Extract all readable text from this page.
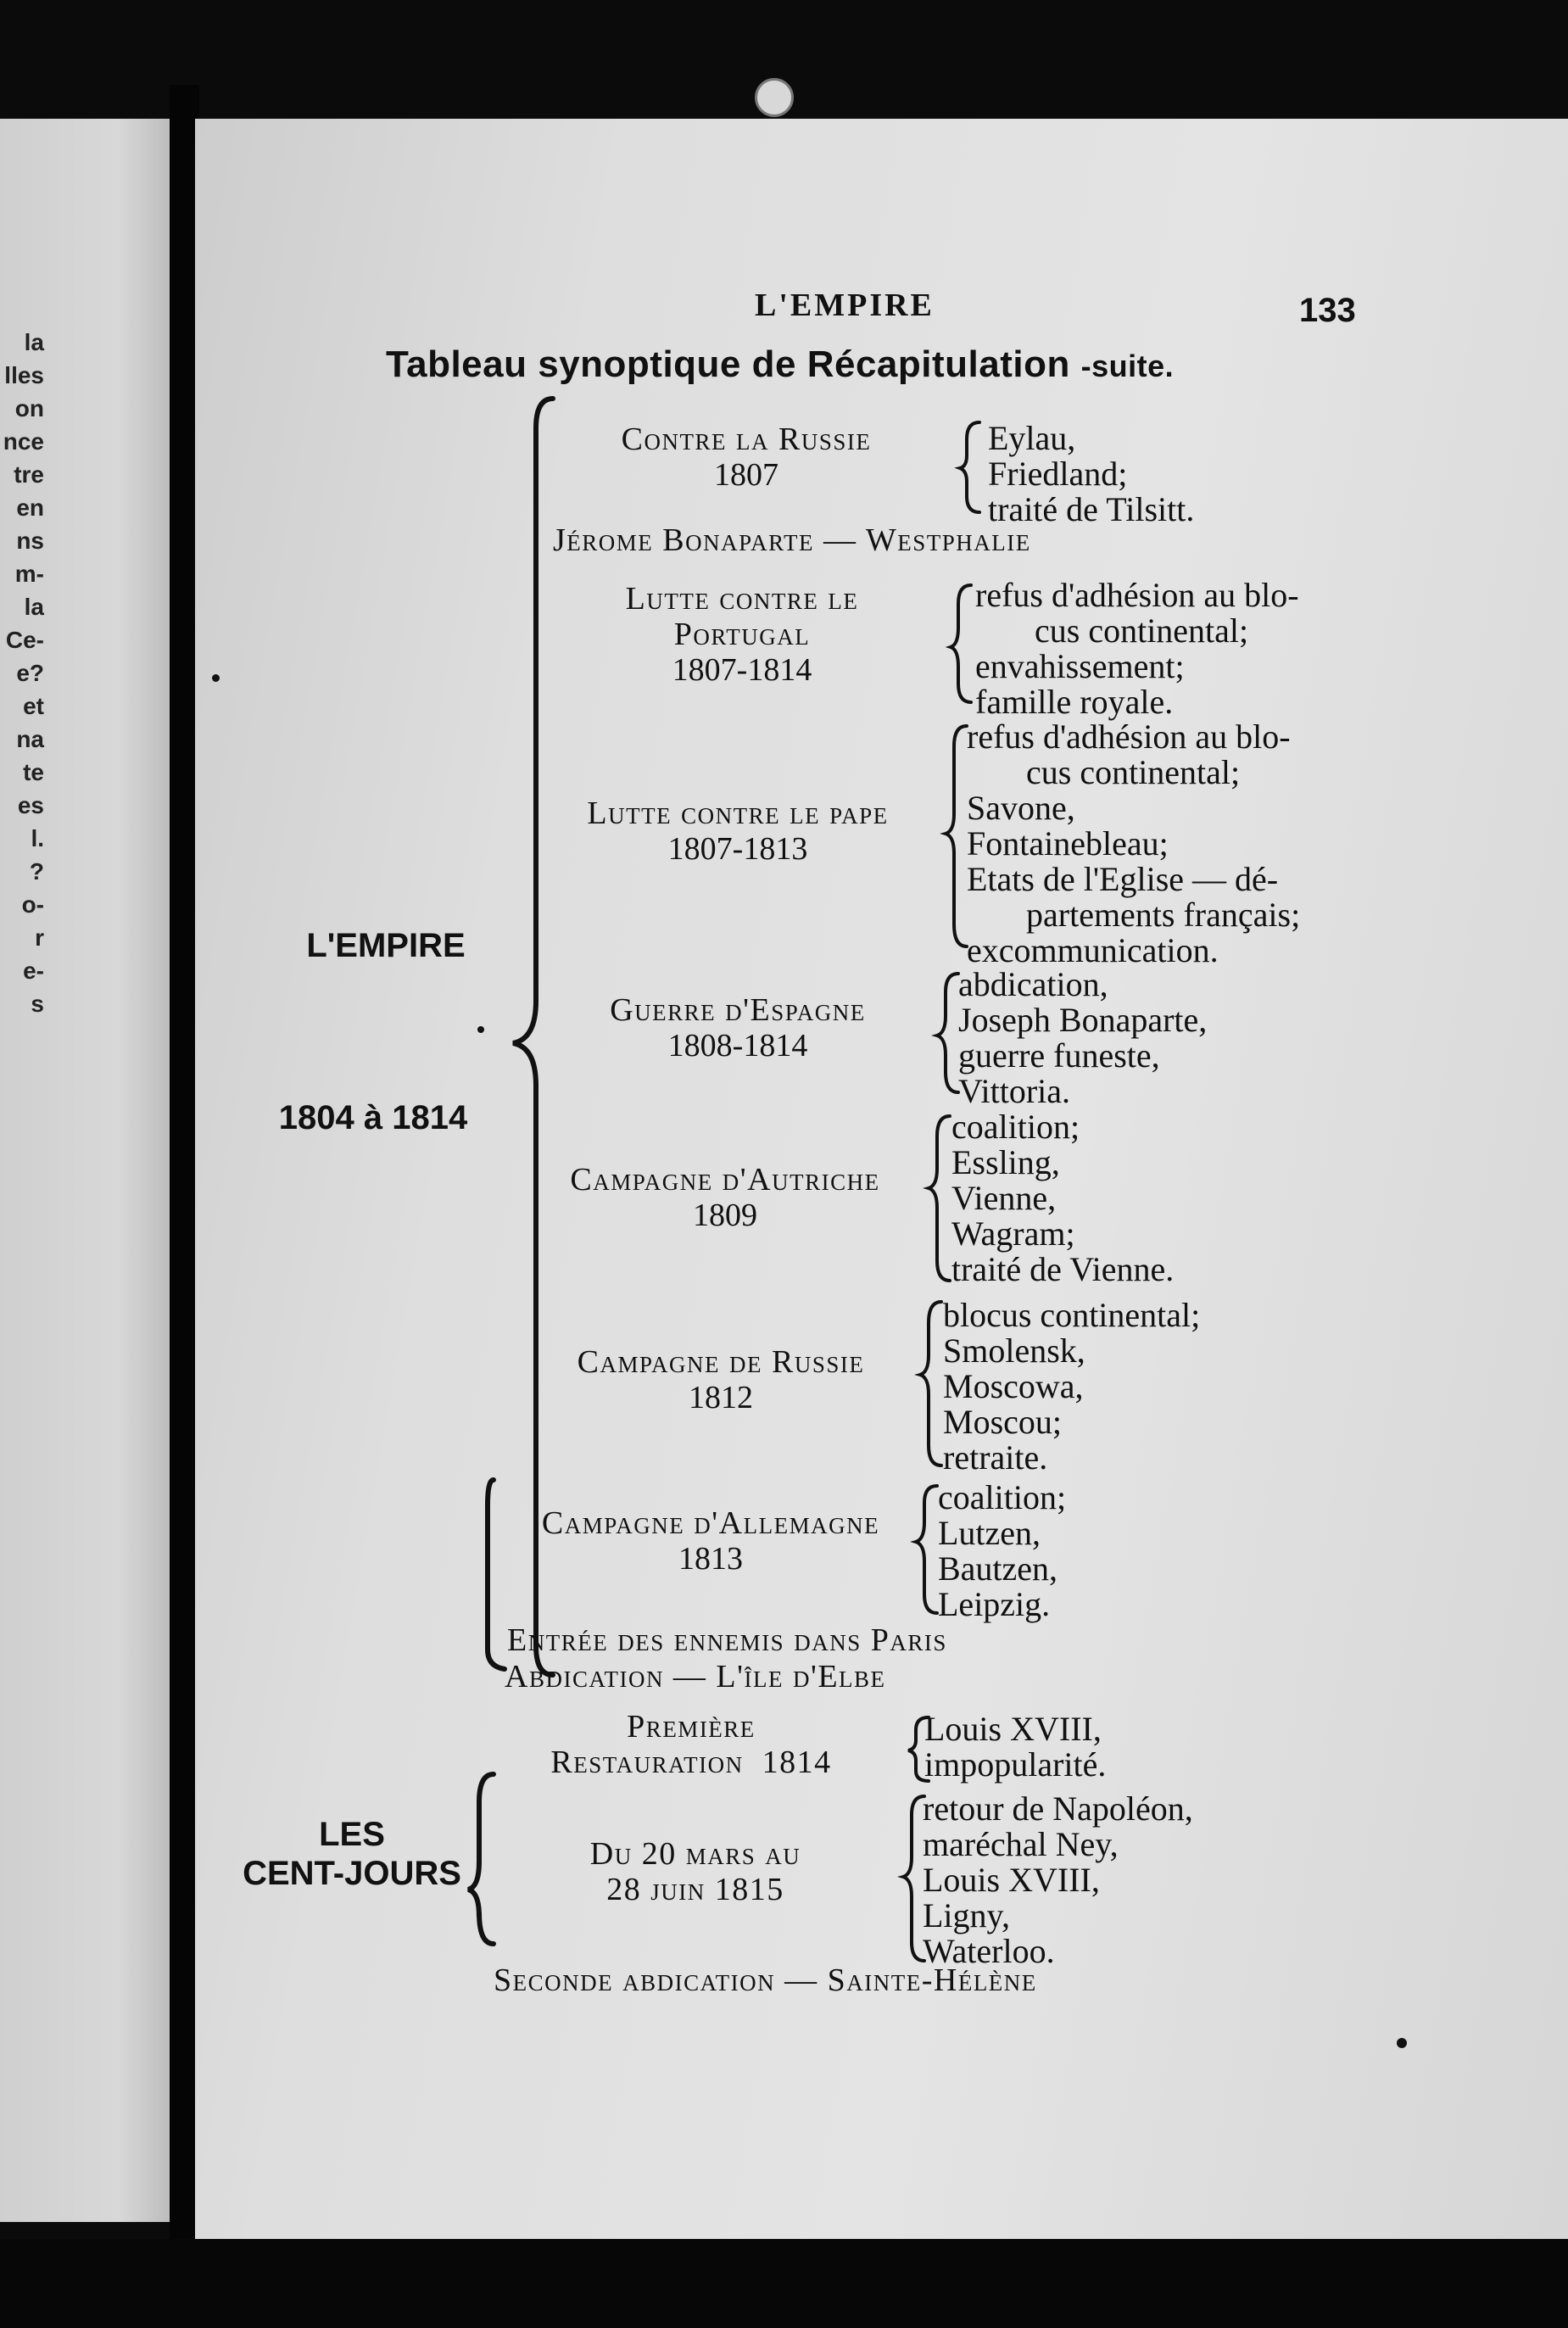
la
lles
on
nce
tre
en
ns
m-
la
Ce-
e?
et
na
te
es
l.
?
o-
r
e-
s
L'EMPIRE	133
Tableau synoptique de Récapitulation -suite.
L'EMPIRE
1804 à 1814
LES
CENT-JOURS
Contre la Russie
1807
Eylau,
Friedland;
traité de Tilsitt.
Jérome Bonaparte — Westphalie
Lutte contre le
Portugal
1807-1814
refus d'adhésion au blo-
cus continental;
envahissement;
famille royale.
Lutte contre le pape
1807-1813
refus d'adhésion au blo-
cus continental;
Savone,
Fontainebleau;
Etats de l'Eglise — dé-
partements français;
excommunication.
Guerre d'Espagne
1808-1814
abdication,
Joseph Bonaparte,
guerre funeste,
Vittoria.
Campagne d'Autriche
1809
coalition;
Essling,
Vienne,
Wagram;
traité de Vienne.
Campagne de Russie
1812
blocus continental;
Smolensk,
Moscowa,
Moscou;
retraite.
Campagne d'Allemagne
1813
coalition;
Lutzen,
Bautzen,
Leipzig.
Entrée des ennemis dans Paris
Abdication — L'île d'Elbe
Première
Restauration 1814
Louis XVIII,
impopularité.
Du 20 mars au
28 juin 1815
retour de Napoléon,
maréchal Ney,
Louis XVIII,
Ligny,
Waterloo.
Seconde abdication — Sainte-Hélène
